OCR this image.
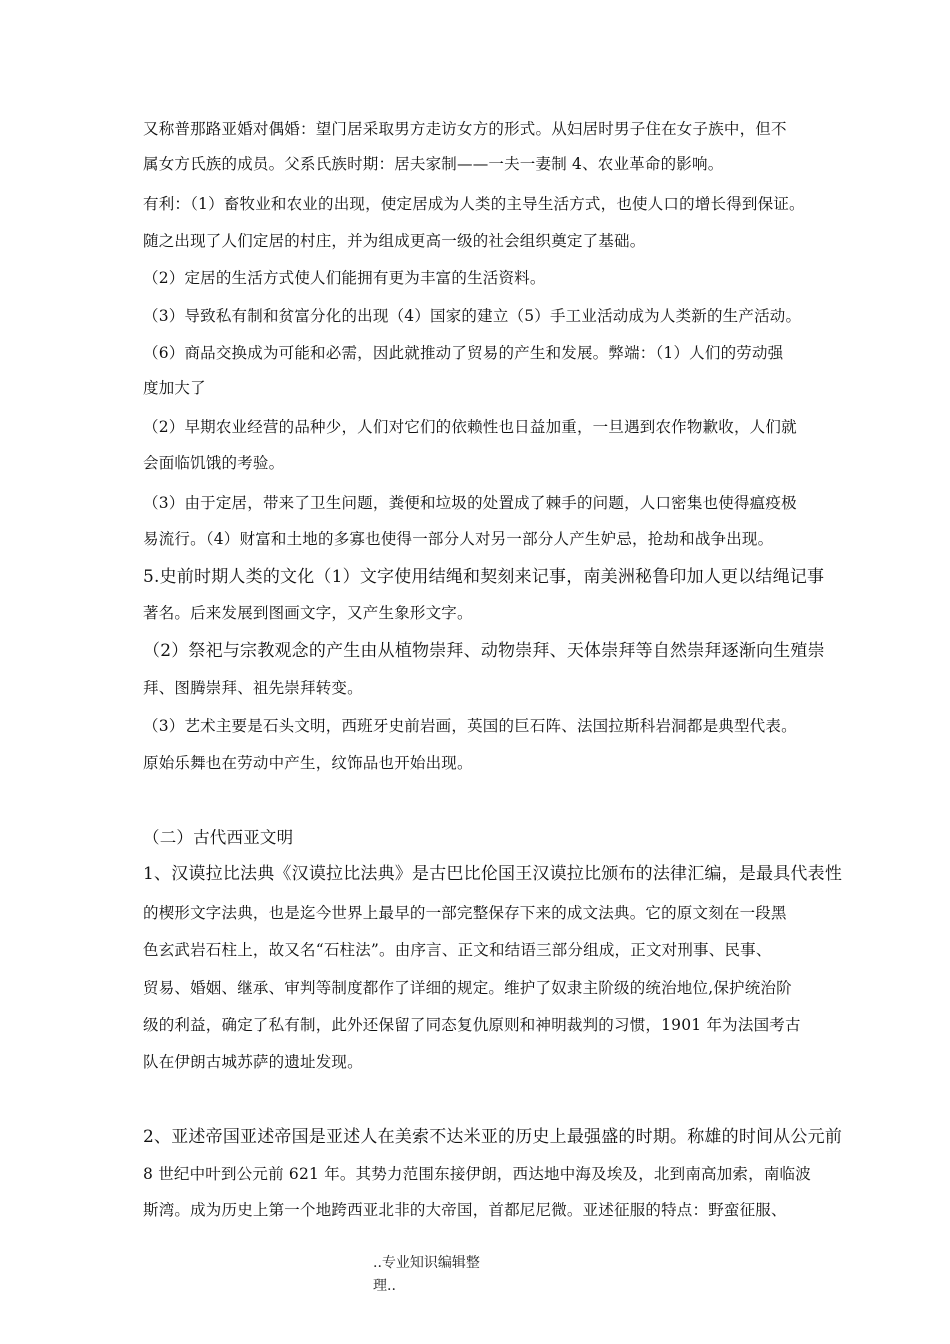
又称普那路亚婚对偶婚：望门居采取男方走访女方的形式。从妇居时男子住在女子族中，但不
属女方氏族的成员。父系氏族时期：居夫家制——一夫一妻制 4、农业革命的影响。
有利：（1）畜牧业和农业的出现，使定居成为人类的主导生活方式，也使人口的增长得到保证。
随之出现了人们定居的村庄，并为组成更高一级的社会组织奠定了基础。
（2）定居的生活方式使人们能拥有更为丰富的生活资料。
（3）导致私有制和贫富分化的出现（4）国家的建立（5）手工业活动成为人类新的生产活动。
（6）商品交换成为可能和必需，因此就推动了贸易的产生和发展。弊端：（1）人们的劳动强
度加大了
（2）早期农业经营的品种少，人们对它们的依赖性也日益加重，一旦遇到农作物歉收，人们就
会面临饥饿的考验。
（3）由于定居，带来了卫生问题，粪便和垃圾的处置成了棘手的问题，人口密集也使得瘟疫极
易流行。（4）财富和土地的多寡也使得一部分人对另一部分人产生妒忌，抢劫和战争出现。
5.史前时期人类的文化（1）文字使用结绳和契刻来记事，南美洲秘鲁印加人更以结绳记事
著名。后来发展到图画文字，又产生象形文字。
（2）祭祀与宗教观念的产生由从植物崇拜、动物崇拜、天体崇拜等自然崇拜逐渐向生殖崇
拜、图腾崇拜、祖先崇拜转变。
（3）艺术主要是石头文明，西班牙史前岩画，英国的巨石阵、法国拉斯科岩洞都是典型代表。
原始乐舞也在劳动中产生，纹饰品也开始出现。
（二）古代西亚文明
1、汉谟拉比法典《汉谟拉比法典》是古巴比伦国王汉谟拉比颁布的法律汇编，是最具代表性
的楔形文字法典，也是迄今世界上最早的一部完整保存下来的成文法典。它的原文刻在一段黑
色玄武岩石柱上，故又名“石柱法”。由序言、正文和结语三部分组成，正文对刑事、民事、
贸易、婚姻、继承、审判等制度都作了详细的规定。维护了奴隶主阶级的统治地位,保护统治阶
级的利益，确定了私有制，此外还保留了同态复仇原则和神明裁判的习惯，1901 年为法国考古
队在伊朗古城苏萨的遗址发现。
2、亚述帝国亚述帝国是亚述人在美索不达米亚的历史上最强盛的时期。称雄的时间从公元前
8 世纪中叶到公元前 621 年。其势力范围东接伊朗，西达地中海及埃及，北到南高加索，南临波
斯湾。成为历史上第一个地跨西亚北非的大帝国，首都尼尼微。亚述征服的特点：野蛮征服、
..专业知识编辑整
理..
